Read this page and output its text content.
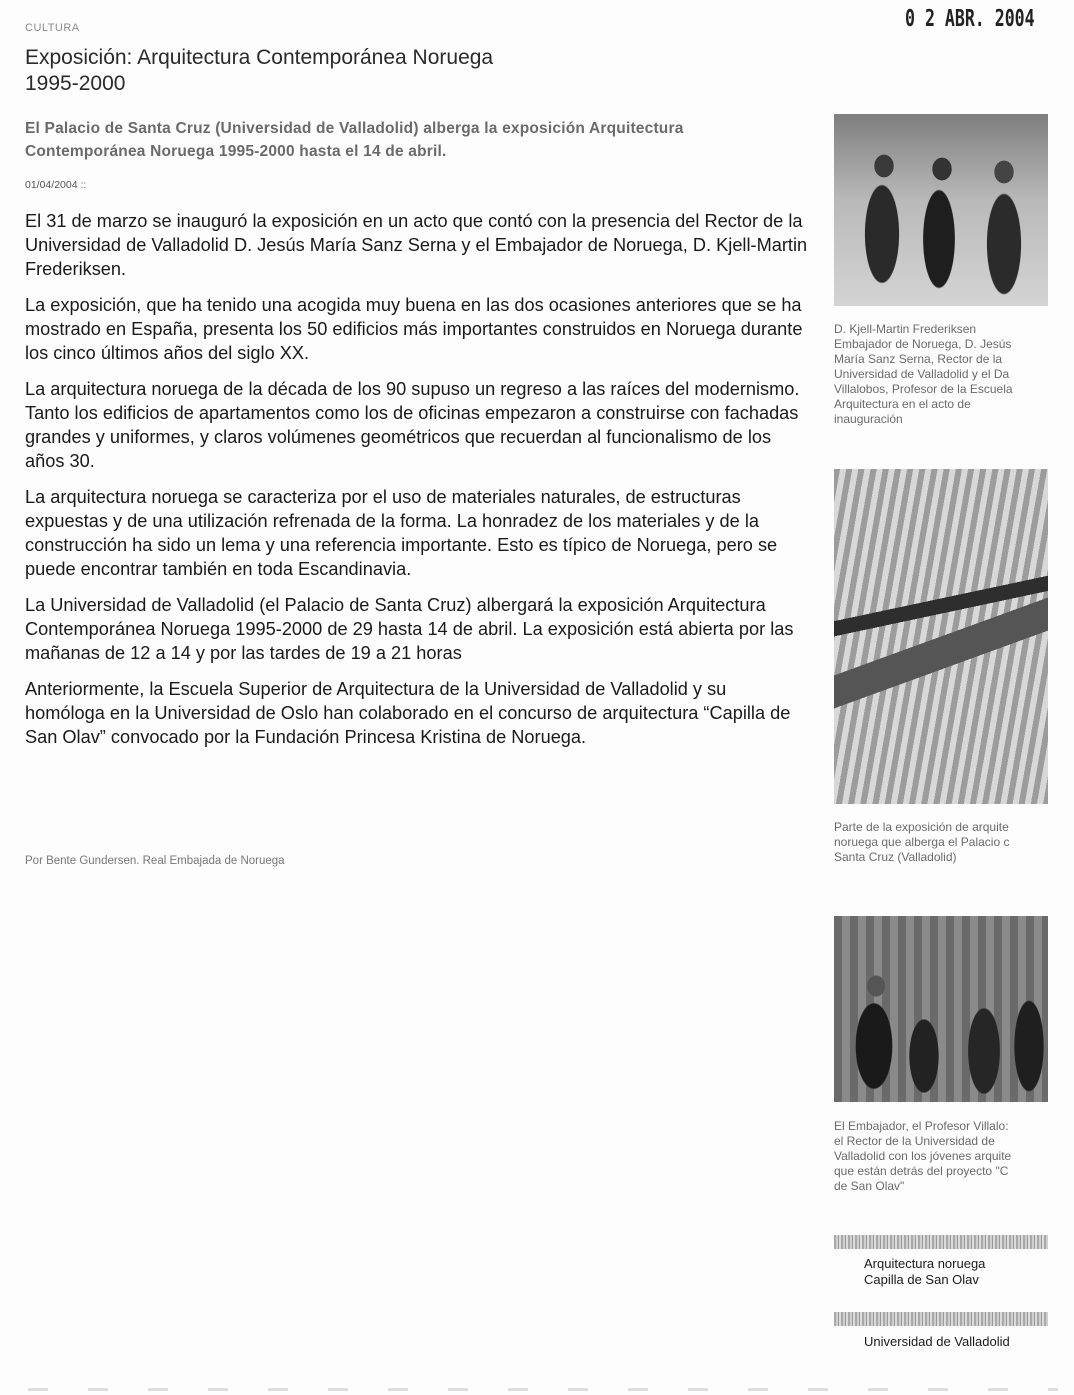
0 2 ABR. 2004
CULTURA
Exposición: Arquitectura Contemporánea Noruega
1995-2000
El Palacio de Santa Cruz (Universidad de Valladolid) alberga la exposición Arquitectura Contemporánea Noruega 1995-2000 hasta el 14 de abril.
01/04/2004 ::

El 31 de marzo se inauguró la exposición en un acto que contó con la presencia del Rector de la Universidad de Valladolid D. Jesús María Sanz Serna y el Embajador de Noruega, D. Kjell-Martin Frederiksen.

La exposición, que ha tenido una acogida muy buena en las dos ocasiones anteriores que se ha mostrado en España, presenta los 50 edificios más importantes construidos en Noruega durante los cinco últimos años del siglo XX.

La arquitectura noruega de la década de los 90 supuso un regreso a las raíces del modernismo. Tanto los edificios de apartamentos como los de oficinas empezaron a construirse con fachadas grandes y uniformes, y claros volúmenes geométricos que recuerdan al funcionalismo de los años 30.

La arquitectura noruega se caracteriza por el uso de materiales naturales, de estructuras expuestas y de una utilización refrenada de la forma. La honradez de los materiales y de la construcción ha sido un lema y una referencia importante. Esto es típico de Noruega, pero se puede encontrar también en toda Escandinavia.

La Universidad de Valladolid (el Palacio de Santa Cruz) albergará la exposición Arquitectura Contemporánea Noruega 1995-2000 de 29 hasta 14 de abril. La exposición está abierta por las mañanas de 12 a 14 y por las tardes de 19 a 21 horas

Anteriormente, la Escuela Superior de Arquitectura de la Universidad de Valladolid y su homóloga en la Universidad de Oslo han colaborado en el concurso de arquitectura “Capilla de San Olav” convocado por la Fundación Princesa Kristina de Noruega.

Por Bente Gundersen. Real Embajada de Noruega
D. Kjell-Martin Frederiksen
Embajador de Noruega, D. Jesús
María Sanz Serna, Rector de la
Universidad de Valladolid y el Da
Villalobos, Profesor de la Escuela
Arquitectura en el acto de
inauguración
Parte de la exposición de arquite
noruega que alberga el Palacio c
Santa Cruz (Valladolid)
El Embajador, el Profesor Villalo:
el Rector de la Universidad de
Valladolid con los jóvenes arquite
que están detrás del proyecto "C
de San Olav"
Arquitectura noruega
Capilla de San Olav
Universidad de Valladolid
